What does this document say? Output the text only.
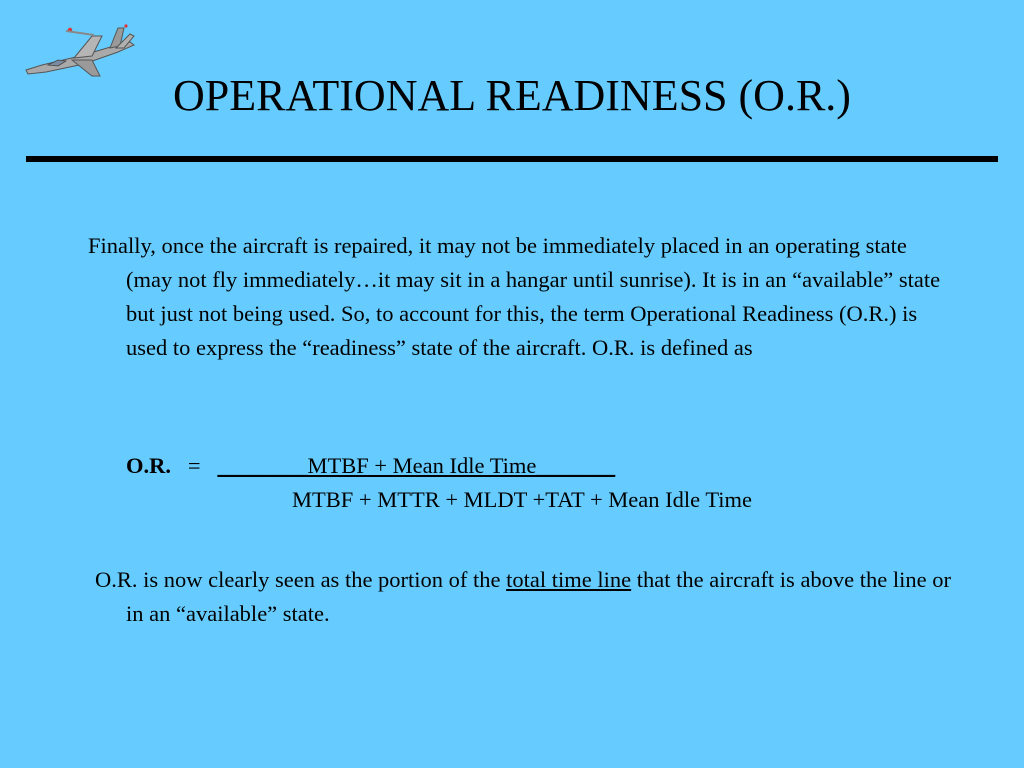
OPERATIONAL READINESS (O.R.)
Finally, once the aircraft is repaired, it may not be immediately placed in an operating state (may not fly immediately…it may sit in a hangar until sunrise). It is in an “available” state but just not being used. So, to account for this, the term Operational Readiness (O.R.) is used to express the “readiness” state of the aircraft. O.R. is defined as
O.R.   =   ________MTBF + Mean Idle Time_______
MTBF + MTTR + MLDT +TAT + Mean Idle Time
O.R. is now clearly seen as the portion of the total time line that the aircraft is above the line or in an “available” state.
